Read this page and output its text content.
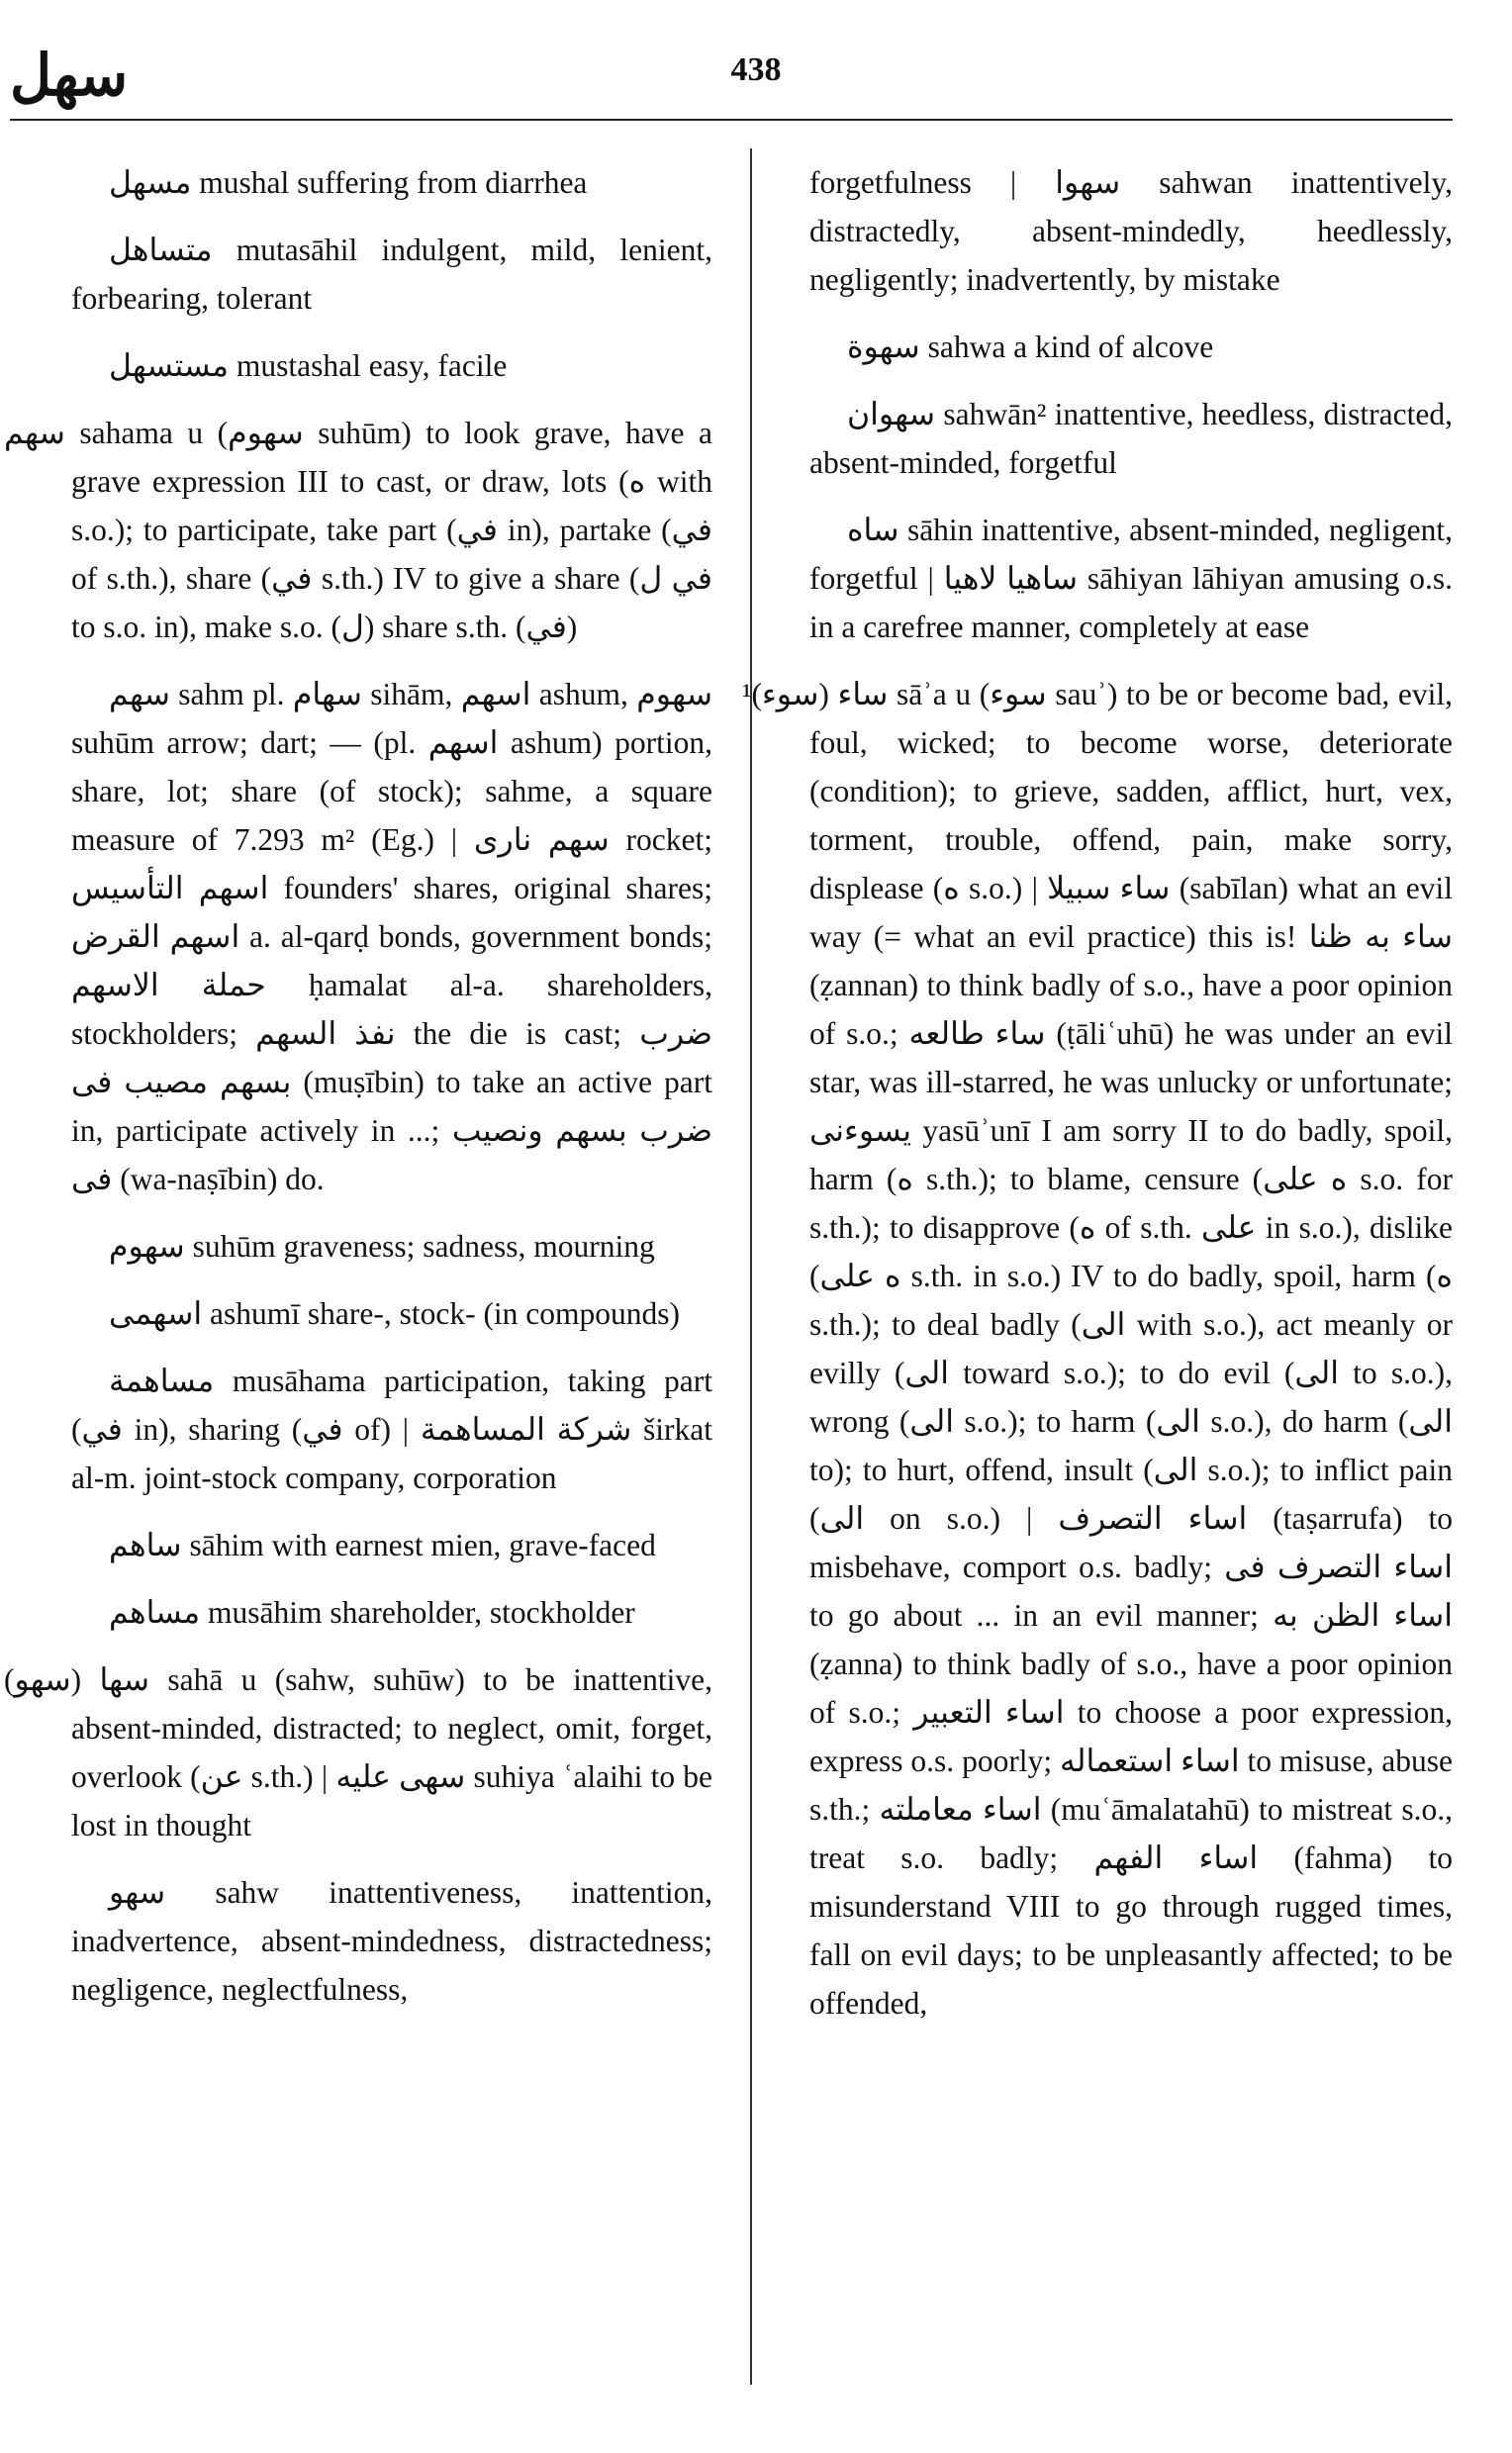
سهل	438

مسهل mushal suffering from diarrhea

متساهل mutasāhil indulgent, mild, lenient, forbearing, tolerant

مستسهل mustashal easy, facile

سهم sahama u (سهوم suhūm) to look grave, have a grave expression III to cast, or draw, lots (ه with s.o.); to participate, take part (في in), partake (في of s.th.), share (في s.th.) IV to give a share (في ل to s.o. in), make s.o. (ل) share s.th. (في)

سهم sahm pl. سهام sihām, اسهم ashum, سهوم suhūm arrow; dart; — (pl. اسهم ashum) portion, share, lot; share (of stock); sahme, a square measure of 7.293 m² (Eg.) | سهم نارى rocket; اسهم التأسيس founders' shares, original shares; اسهم القرض a. al-qarḍ bonds, government bonds; حملة الاسهم ḥamalat al-a. shareholders, stockholders; نفذ السهم the die is cast; ضرب بسهم مصيب فى (muṣībin) to take an active part in, participate actively in ...; ضرب بسهم ونصيب فى (wa-naṣībin) do.

سهوم suhūm graveness; sadness, mourning

اسهمى ashumī share-, stock- (in compounds)

مساهمة musāhama participation, taking part (في in), sharing (في of) | شركة المساهمة širkat al-m. joint-stock company, corporation

ساهم sāhim with earnest mien, grave-faced

مساهم musāhim shareholder, stockholder

سها (سهو) sahā u (sahw, suhūw) to be inattentive, absent-minded, distracted; to neglect, omit, forget, overlook (عن s.th.) | سهى عليه suhiya ʿalaihi to be lost in thought

سهو sahw inattentiveness, inattention, inadvertence, absent-mindedness, distractedness; negligence, neglectfulness,

forgetfulness | سهوا sahwan inattentively, distractedly, absent-mindedly, heedlessly, negligently; inadvertently, by mistake

سهوة sahwa a kind of alcove

سهوان sahwān² inattentive, heedless, distracted, absent-minded, forgetful

ساه sāhin inattentive, absent-minded, negligent, forgetful | ساهيا لاهيا sāhiyan lāhiyan amusing o.s. in a carefree manner, completely at ease

¹(سوء) ساء sāʾa u (سوء sauʾ) to be or become bad, evil, foul, wicked; to become worse, deteriorate (condition); to grieve, sadden, afflict, hurt, vex, torment, trouble, offend, pain, make sorry, displease (ه s.o.) | ساء سبيلا (sabīlan) what an evil way (= what an evil practice) this is! ساء به ظنا (ẓannan) to think badly of s.o., have a poor opinion of s.o.; ساء طالعه (ṭāliʿuhū) he was under an evil star, was ill-starred, he was unlucky or unfortunate; يسوءنى yasūʾunī I am sorry II to do badly, spoil, harm (ه s.th.); to blame, censure (ه على s.o. for s.th.); to disapprove (ه of s.th. على in s.o.), dislike (ه على s.th. in s.o.) IV to do badly, spoil, harm (ه s.th.); to deal badly (الى with s.o.), act meanly or evilly (الى toward s.o.); to do evil (الى to s.o.), wrong (الى s.o.); to harm (الى s.o.), do harm (الى to); to hurt, offend, insult (الى s.o.); to inflict pain (الى on s.o.) | اساء التصرف (taṣarrufa) to misbehave, comport o.s. badly; اساء التصرف فى to go about ... in an evil manner; اساء الظن به (ẓanna) to think badly of s.o., have a poor opinion of s.o.; اساء التعبير to choose a poor expression, express o.s. poorly; اساء استعماله to misuse, abuse s.th.; اساء معاملته (muʿāmalatahū) to mistreat s.o., treat s.o. badly; اساء الفهم (fahma) to misunderstand VIII to go through rugged times, fall on evil days; to be unpleasantly affected; to be offended,
